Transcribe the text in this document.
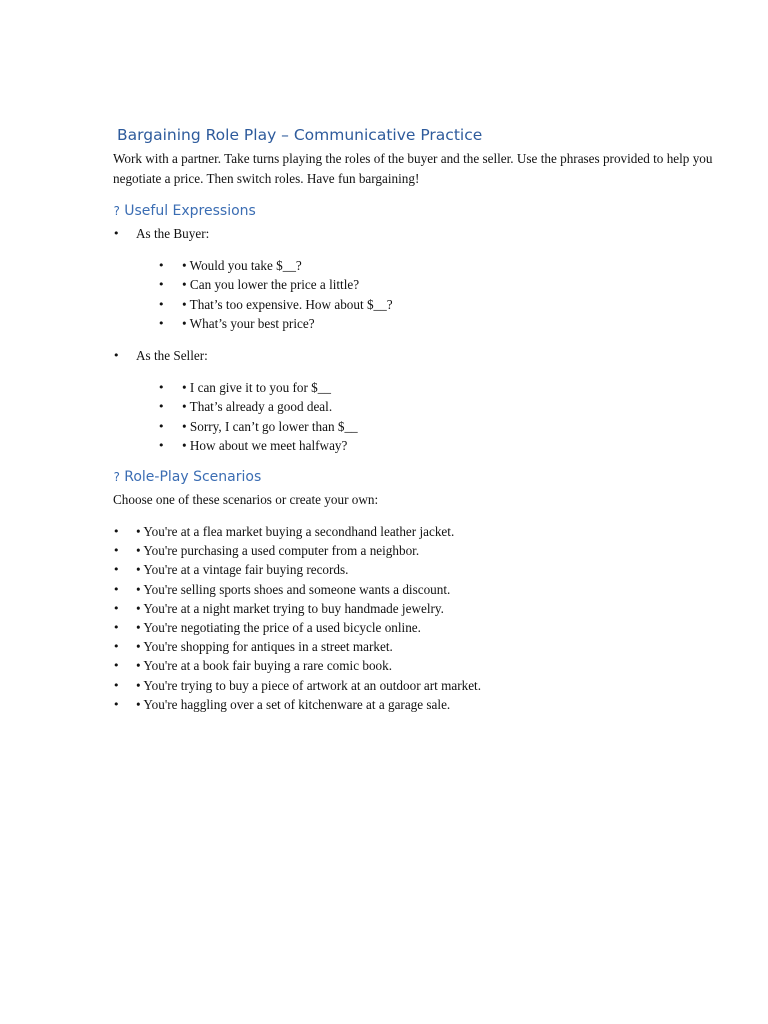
Bargaining Role Play – Communicative Practice

Work with a partner. Take turns playing the roles of the buyer and the seller. Use the phrases provided to help you negotiate a price. Then switch roles. Have fun bargaining!

? Useful Expressions
• As the Buyer:
• • Would you take $__?
• • Can you lower the price a little?
• • That’s too expensive. How about $__?
• • What’s your best price?
• As the Seller:
• • I can give it to you for $__
• • That’s already a good deal.
• • Sorry, I can’t go lower than $__
• • How about we meet halfway?
? Role-Play Scenarios

Choose one of these scenarios or create your own:

• • You're at a flea market buying a secondhand leather jacket.
• • You're purchasing a used computer from a neighbor.
• • You're at a vintage fair buying records.
• • You're selling sports shoes and someone wants a discount.
• • You're at a night market trying to buy handmade jewelry.
• • You're negotiating the price of a used bicycle online.
• • You're shopping for antiques in a street market.
• • You're at a book fair buying a rare comic book.
• • You're trying to buy a piece of artwork at an outdoor art market.
• • You're haggling over a set of kitchenware at a garage sale.
